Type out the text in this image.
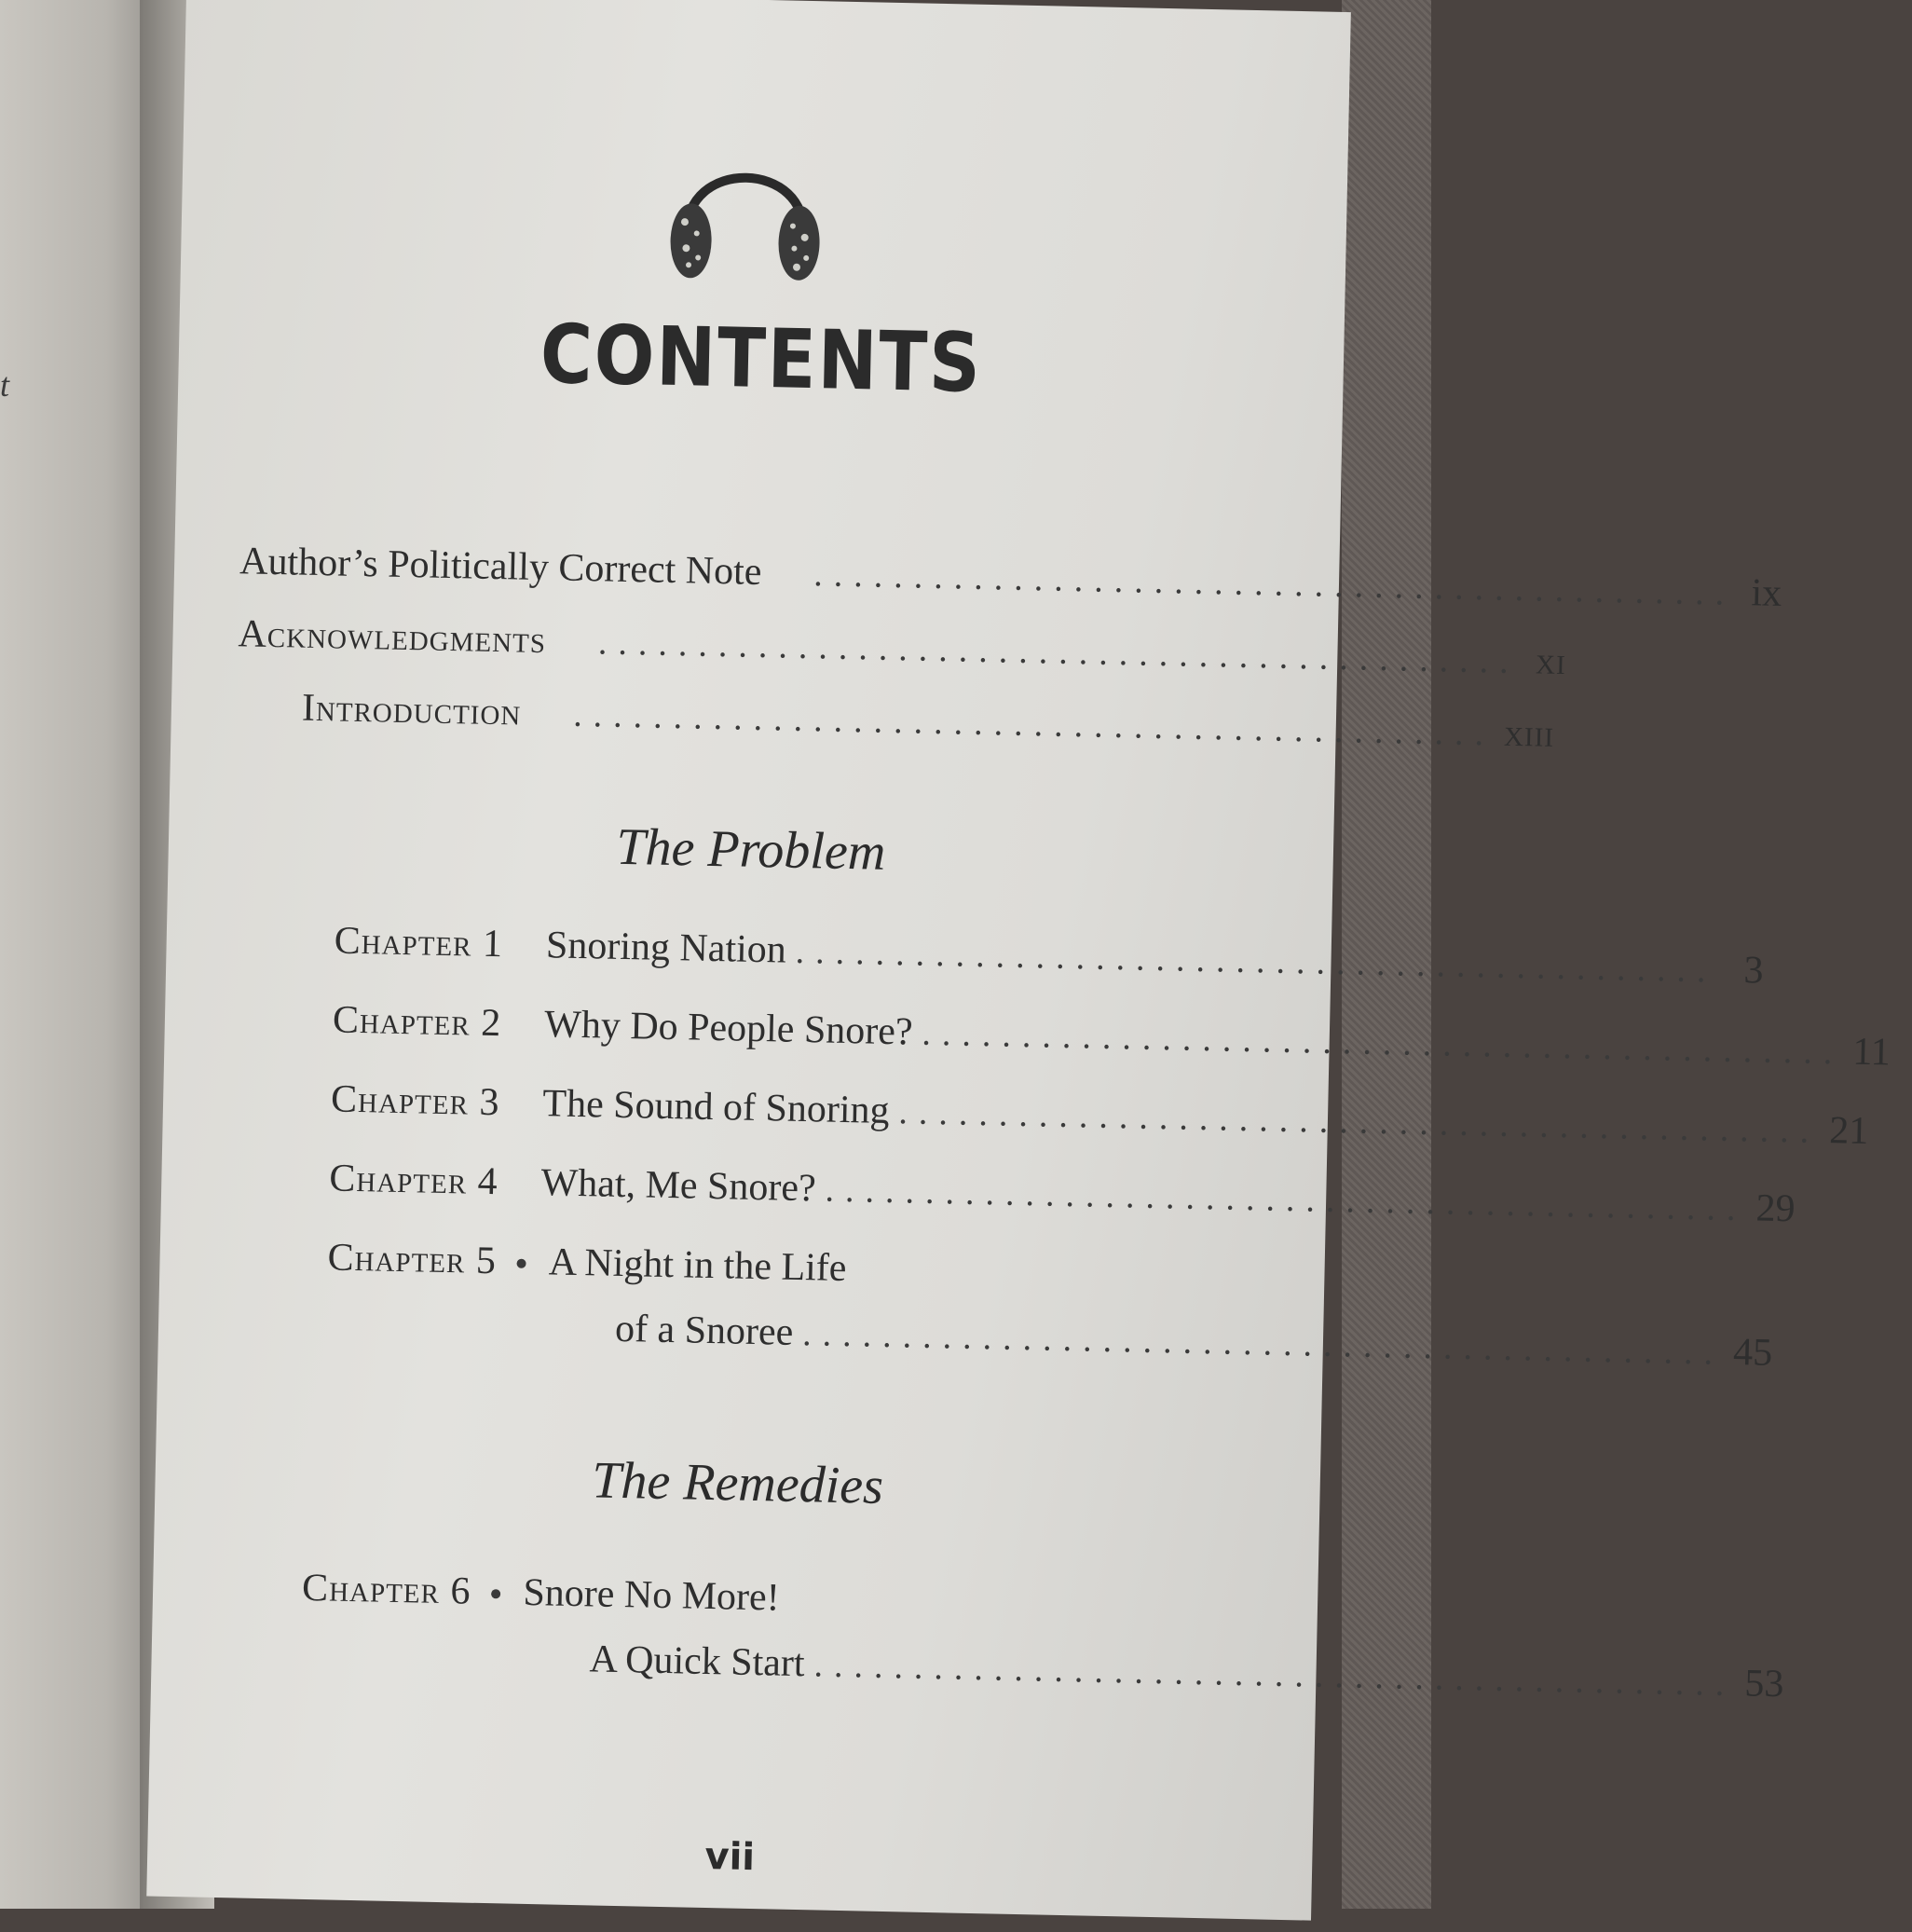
t	CONTENTS
Author’s Politically Correct Note .............................................. ix
Acknowledgments .............................................. xi
Introduction .............................................. xiii
The Problem
Chapter 1 Snoring Nation .............................................. 3
Chapter 2 Why Do People Snore? .............................................. 11
Chapter 3 The Sound of Snoring .............................................. 21
Chapter 4 What, Me Snore? .............................................. 29
Chapter 5 A Night in the Life
of a Snoree .............................................. 45
The Remedies
Chapter 6 Snore No More!
A Quick Start .............................................. 53
vii
